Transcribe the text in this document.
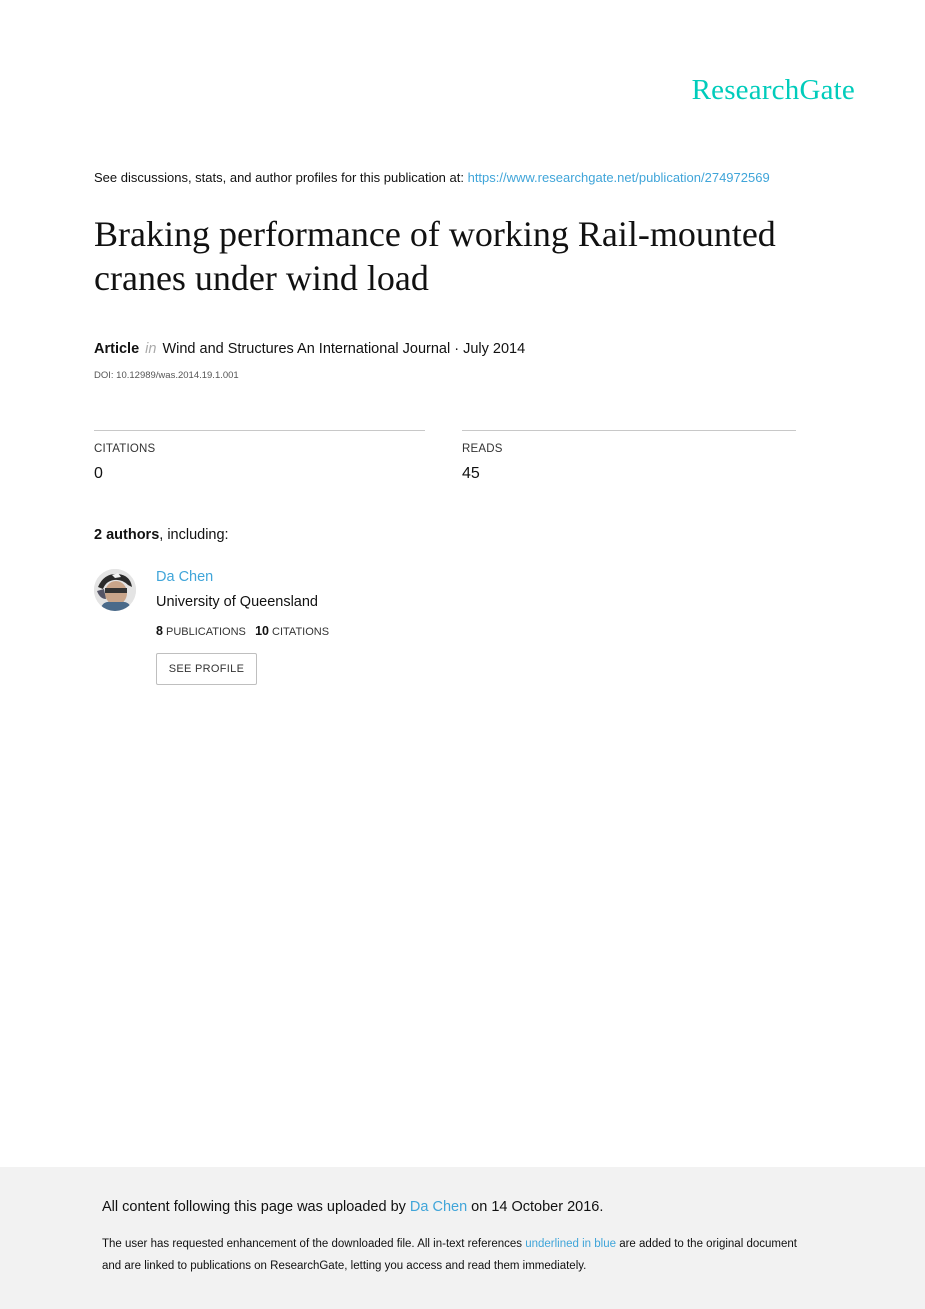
ResearchGate
See discussions, stats, and author profiles for this publication at: https://www.researchgate.net/publication/274972569
Braking performance of working Rail-mounted cranes under wind load
Article in Wind and Structures An International Journal · July 2014
DOI: 10.12989/was.2014.19.1.001
CITATIONS
0
READS
45
2 authors, including:
Da Chen
University of Queensland
8 PUBLICATIONS 10 CITATIONS
SEE PROFILE
All content following this page was uploaded by Da Chen on 14 October 2016.
The user has requested enhancement of the downloaded file. All in-text references underlined in blue are added to the original document
and are linked to publications on ResearchGate, letting you access and read them immediately.
